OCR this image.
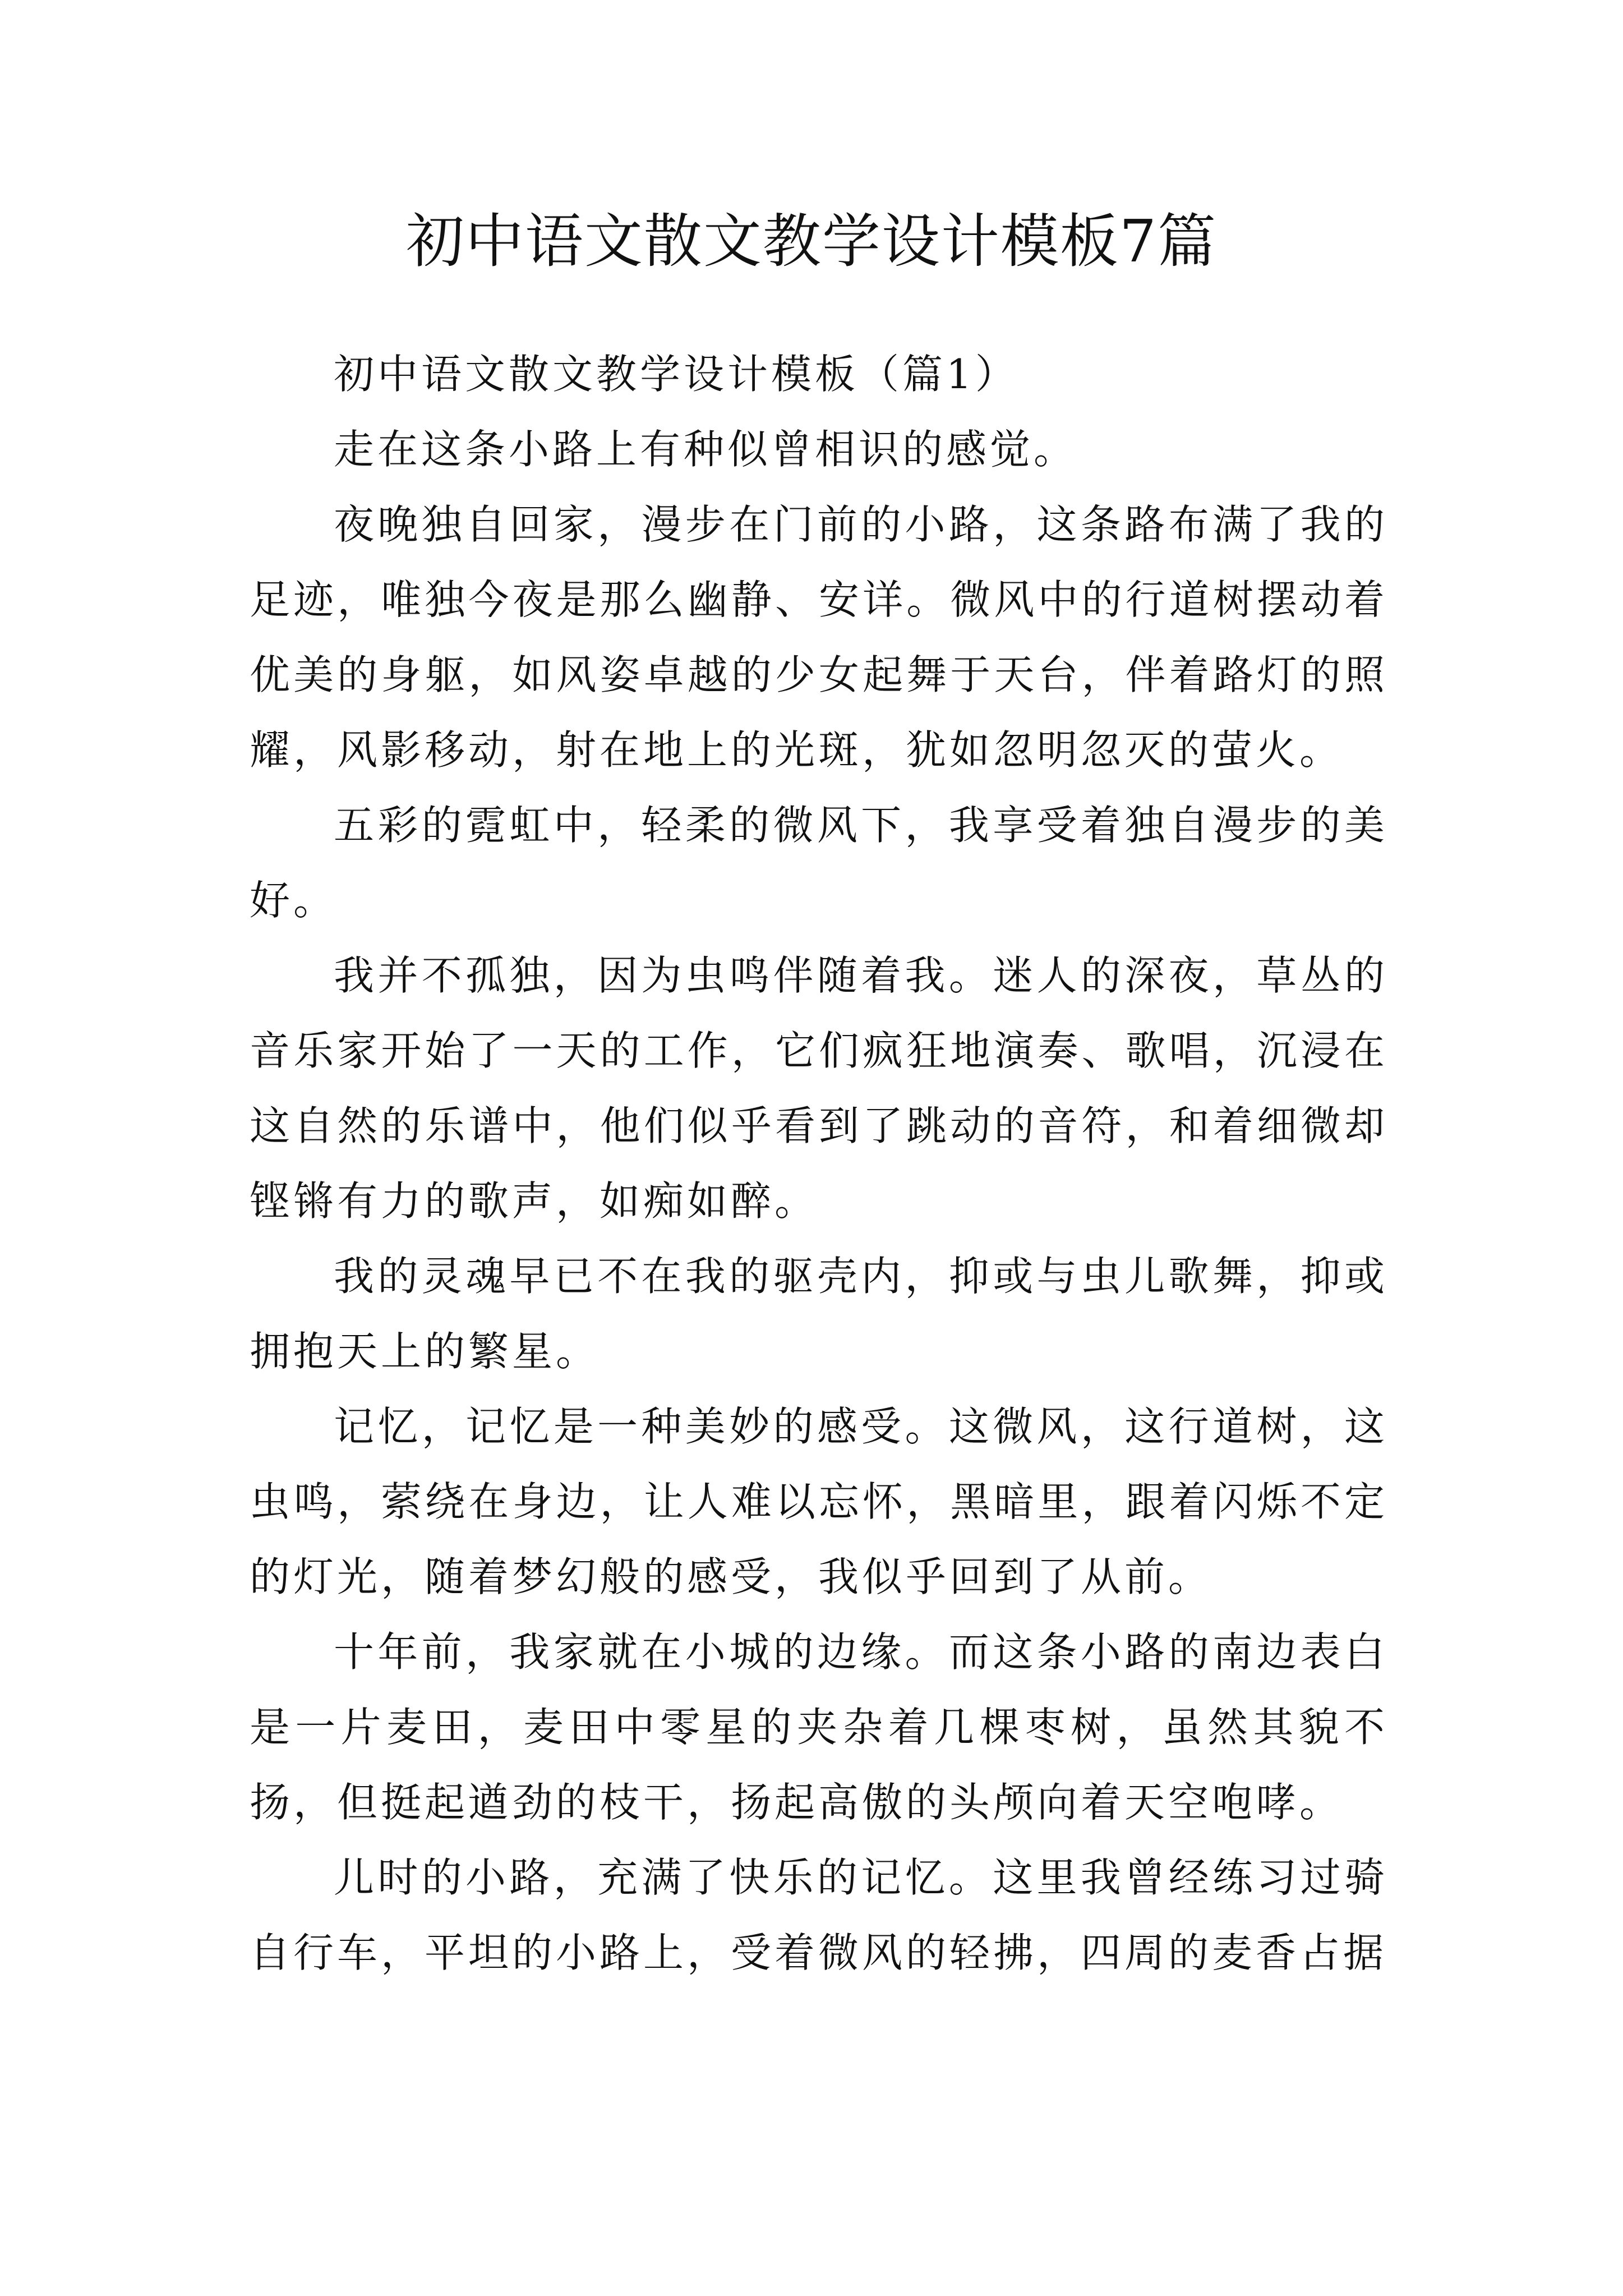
初中语文散文教学设计模板7篇

初中语文散文教学设计模板（篇1）

走在这条小路上有种似曾相识的感觉。

夜晚独自回家，漫步在门前的小路，这条路布满了我的足迹，唯独今夜是那么幽静、安详。微风中的行道树摆动着优美的身躯，如风姿卓越的少女起舞于天台，伴着路灯的照耀，风影移动，射在地上的光斑，犹如忽明忽灭的萤火。

五彩的霓虹中，轻柔的微风下，我享受着独自漫步的美好。

我并不孤独，因为虫鸣伴随着我。迷人的深夜，草丛的音乐家开始了一天的工作，它们疯狂地演奏、歌唱，沉浸在这自然的乐谱中，他们似乎看到了跳动的音符，和着细微却铿锵有力的歌声，如痴如醉。

我的灵魂早已不在我的驱壳内，抑或与虫儿歌舞，抑或拥抱天上的繁星。

记忆，记忆是一种美妙的感受。这微风，这行道树，这虫鸣，萦绕在身边，让人难以忘怀，黑暗里，跟着闪烁不定的灯光，随着梦幻般的感受，我似乎回到了从前。

十年前，我家就在小城的边缘。而这条小路的南边表白是一片麦田，麦田中零星的夹杂着几棵枣树，虽然其貌不扬，但挺起遒劲的枝干，扬起高傲的头颅向着天空咆哮。

儿时的小路，充满了快乐的记忆。这里我曾经练习过骑自行车，平坦的小路上，受着微风的轻拂，四周的麦香占据
